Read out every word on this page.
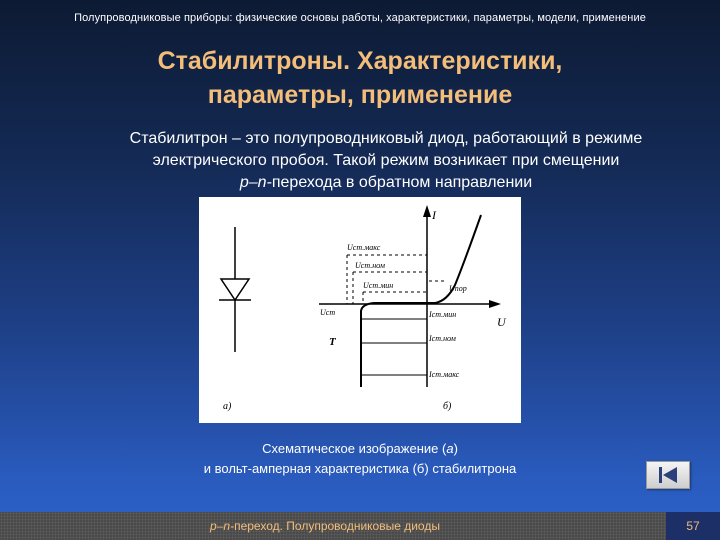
Полупроводниковые приборы: физические основы работы, характеристики, параметры, модели, применение
Стабилитроны. Характеристики,
параметры, применение
Стабилитрон – это полупроводниковый диод, работающий в режиме
электрического пробоя. Такой режим возникает при смещении
p–n-перехода в обратном направлении
I
U
Uст.макс
Uст.ном
Uст.мин	Uпор
Uст
T
Iст.мин
Iст.ном
Iст.макс
а)	б)
Схематическое изображение (а)
и вольт-амперная характеристика (б) стабилитрона
p–n-переход. Полупроводниковые диоды	57
